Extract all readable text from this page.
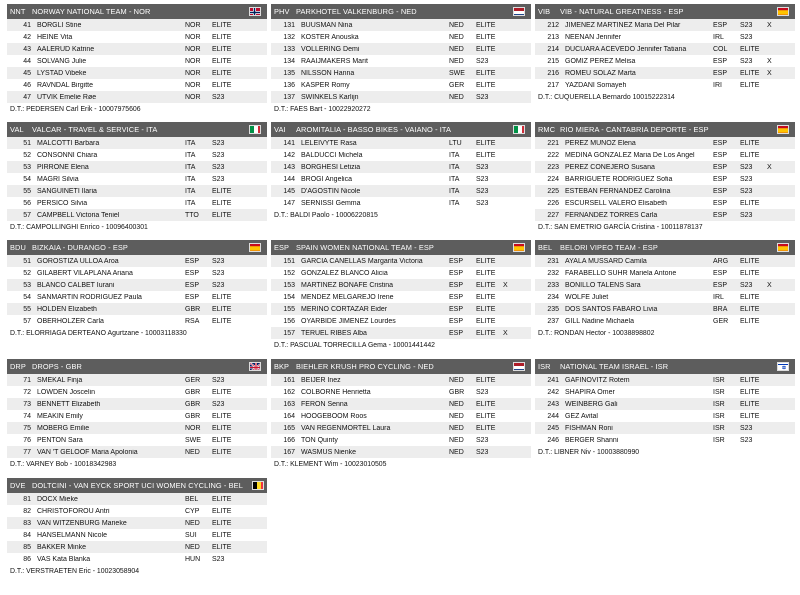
NNT NORWAY NATIONAL TEAM - NOR
41 BORGLI Stine	NOR	ELITE
42 HEINE Vita	NOR	ELITE
43 AALERUD Katrine	NOR	ELITE
44 SOLVANG Julie	NOR	ELITE
45 LYSTAD Vibeke	NOR	ELITE
46 RAVNDAL Birgitte	NOR	ELITE
47 UTVIK Emelie Røe	NOR	S23
D.T.: PEDERSEN Carl Erik - 10007975606
PHV PARKHOTEL VALKENBURG - NED
131 BUUSMAN Nina	NED	ELITE
132 KOSTER Anouska	NED	ELITE
133 VOLLERING Demi	NED	ELITE
134 RAAIJMAKERS Marit	NED	S23
135 NILSSON Hanna	SWE	ELITE
136 KASPER Romy	GER	ELITE
137 SWINKELS Karlijn	NED	S23
D.T.: FAES Bart - 10022920272
VIB	VIB - NATURAL GREATNESS - ESP
212 JIMENEZ MARTINEZ Maria Del Pilar	ESP	S23	X
213 NEENAN Jennifer	IRL	S23
214 DUCUARA ACEVEDO Jennifer Tatiana	COL	ELITE
215 GOMIZ PEREZ Melisa	ESP	S23	X
216 ROMEU SOLAZ Marta	ESP	ELITE	X
217 YAZDANI Somayeh	IRI	ELITE
D.T.: CUQUERELLA Bernardo 10015222314
VAL	VALCAR - TRAVEL & SERVICE - ITA
51 MALCOTTI Barbara	ITA	S23
52 CONSONNI Chiara	ITA	S23
53 PIRRONE Elena	ITA	S23
54 MAGRI Silvia	ITA	S23
55 SANGUINETI Ilaria	ITA	ELITE
56 PERSICO Silvia	ITA	ELITE
57 CAMPBELL Victoria Teniel	TTO	ELITE
D.T.: CAMPOLLINGHI Enrico - 10096400301
VAI	AROMITALIA - BASSO BIKES - VAIANO - ITA
141 LELEIVYTE Rasa	LTU	ELITE
142 BALDUCCI Michela	ITA	ELITE
143 BORGHESI Letizia	ITA	S23
144 BROGI Angelica	ITA	S23
145 D'AGOSTIN Nicole	ITA	S23
147 SERNISSI Gemma	ITA	S23
D.T.: BALDI Paolo - 10006220815
RMC RIO MIERA - CANTABRIA DEPORTE - ESP
221 PEREZ MUÑOZ Elena	ESP	ELITE
222 MEDINA GONZALEZ Maria De Los Angel	ESP	ELITE
223 PEREZ CONEJERO Susana	ESP	S23	X
224 BARRIGUETE RODRIGUEZ Sofia	ESP	S23
225 ESTEBAN FERNANDEZ Carolina	ESP	S23
226 ESCURSELL VALERO Elisabeth	ESP	ELITE
227 FERNANDEZ TORRES Carla	ESP	S23
D.T.: SAN EMETRIO GARCÍA Cristina - 10011878137
BDU BIZKAIA - DURANGO - ESP
51 GOROSTIZA ULLOA Aroa	ESP	S23
52 GILABERT VILAPLANA Ariana	ESP	S23
53 BLANCO CALBET Iurani	ESP	S23
54 SANMARTIN RODRIGUEZ Paula	ESP	ELITE
55 HOLDEN Elizabeth	GBR	ELITE
57 OBERHOLZER Carla	RSA	ELITE
D.T.: ELORRIAGA DERTEANO Agurtzane - 10003118330
ESP SPAIN WOMEN NATIONAL TEAM - ESP
151 GARCIA CAÑELLAS Margarita Victoria	ESP	ELITE
152 GONZALEZ BLANCO Alicia	ESP	ELITE
153 MARTINEZ BONAFE Cristina	ESP	ELITE	X
154 MENDEZ MELGAREJO Irene	ESP	ELITE
155 MERINO CORTAZAR Eider	ESP	ELITE
156 OYARBIDE JIMENEZ Lourdes	ESP	ELITE
157 TERUEL RIBES Alba	ESP	ELITE	X
D.T.: PASCUAL TORRECILLA Gema - 10001441442
BEL	BELORI VIPEO TEAM - ESP
231 AYALA MUSSARD Camila	ARG	ELITE
232 FARABELLO SUHR Mariela Antone	ESP	ELITE
233 BONILLO TALENS Sara	ESP	S23	X
234 WOLFE Juliet	IRL	ELITE
235 DOS SANTOS FABARO Livia	BRA	ELITE
237 GILL Nadine Michaela	GER	ELITE
D.T.: RONDAN Hector - 10038898802
DRP DROPS - GBR
71 SMEKAL Finja	GER	S23
72 LOWDEN Joscelin	GBR	ELITE
73 BENNETT Elizabeth	GBR	S23
74 MEAKIN Emily	GBR	ELITE
75 MOBERG Emilie	NOR	ELITE
76 PENTON Sara	SWE	ELITE
77 VAN 'T GELOOF Maria Apolonia	NED	ELITE
D.T.: VARNEY Bob - 10018342983
BKP BIEHLER KRUSH PRO CYCLING - NED
161 BEIJER Inez	NED	ELITE
162 COLBORNE Henrietta	GBR	S23
163 FERON Senna	NED	ELITE
164 HOOGEBOOM Roos	NED	ELITE
165 VAN REGENMORTEL Laura	NED	ELITE
166 TON Quinty	NED	S23
167 WASMUS Nienke	NED	S23
D.T.: KLEMENT Wim - 10023010505
ISR	NATIONAL TEAM ISRAEL - ISR
241 GAFINOVITZ Rotem	ISR	ELITE
242 SHAPIRA Omer	ISR	ELITE
243 WEINBERG Gali	ISR	ELITE
244 GEZ Avital	ISR	ELITE
245 FISHMAN Roni	ISR	S23
246 BERGER Shanni	ISR	S23
D.T.: LIBNER Niv - 10003880990
DVE DOLTCINI - VAN EYCK SPORT UCI WOMEN CYCLING - BEL
81 DOCX Mieke	BEL	ELITE
82 CHRISTOFOROU Antri	CYP	ELITE
83 VAN WITZENBURG Marieke	NED	ELITE
84 HANSELMANN Nicole	SUI	ELITE
85 BAKKER Minke	NED	ELITE
86 VAS Kata Blanka	HUN	S23
D.T.: VERSTRAETEN Eric - 10023058904
